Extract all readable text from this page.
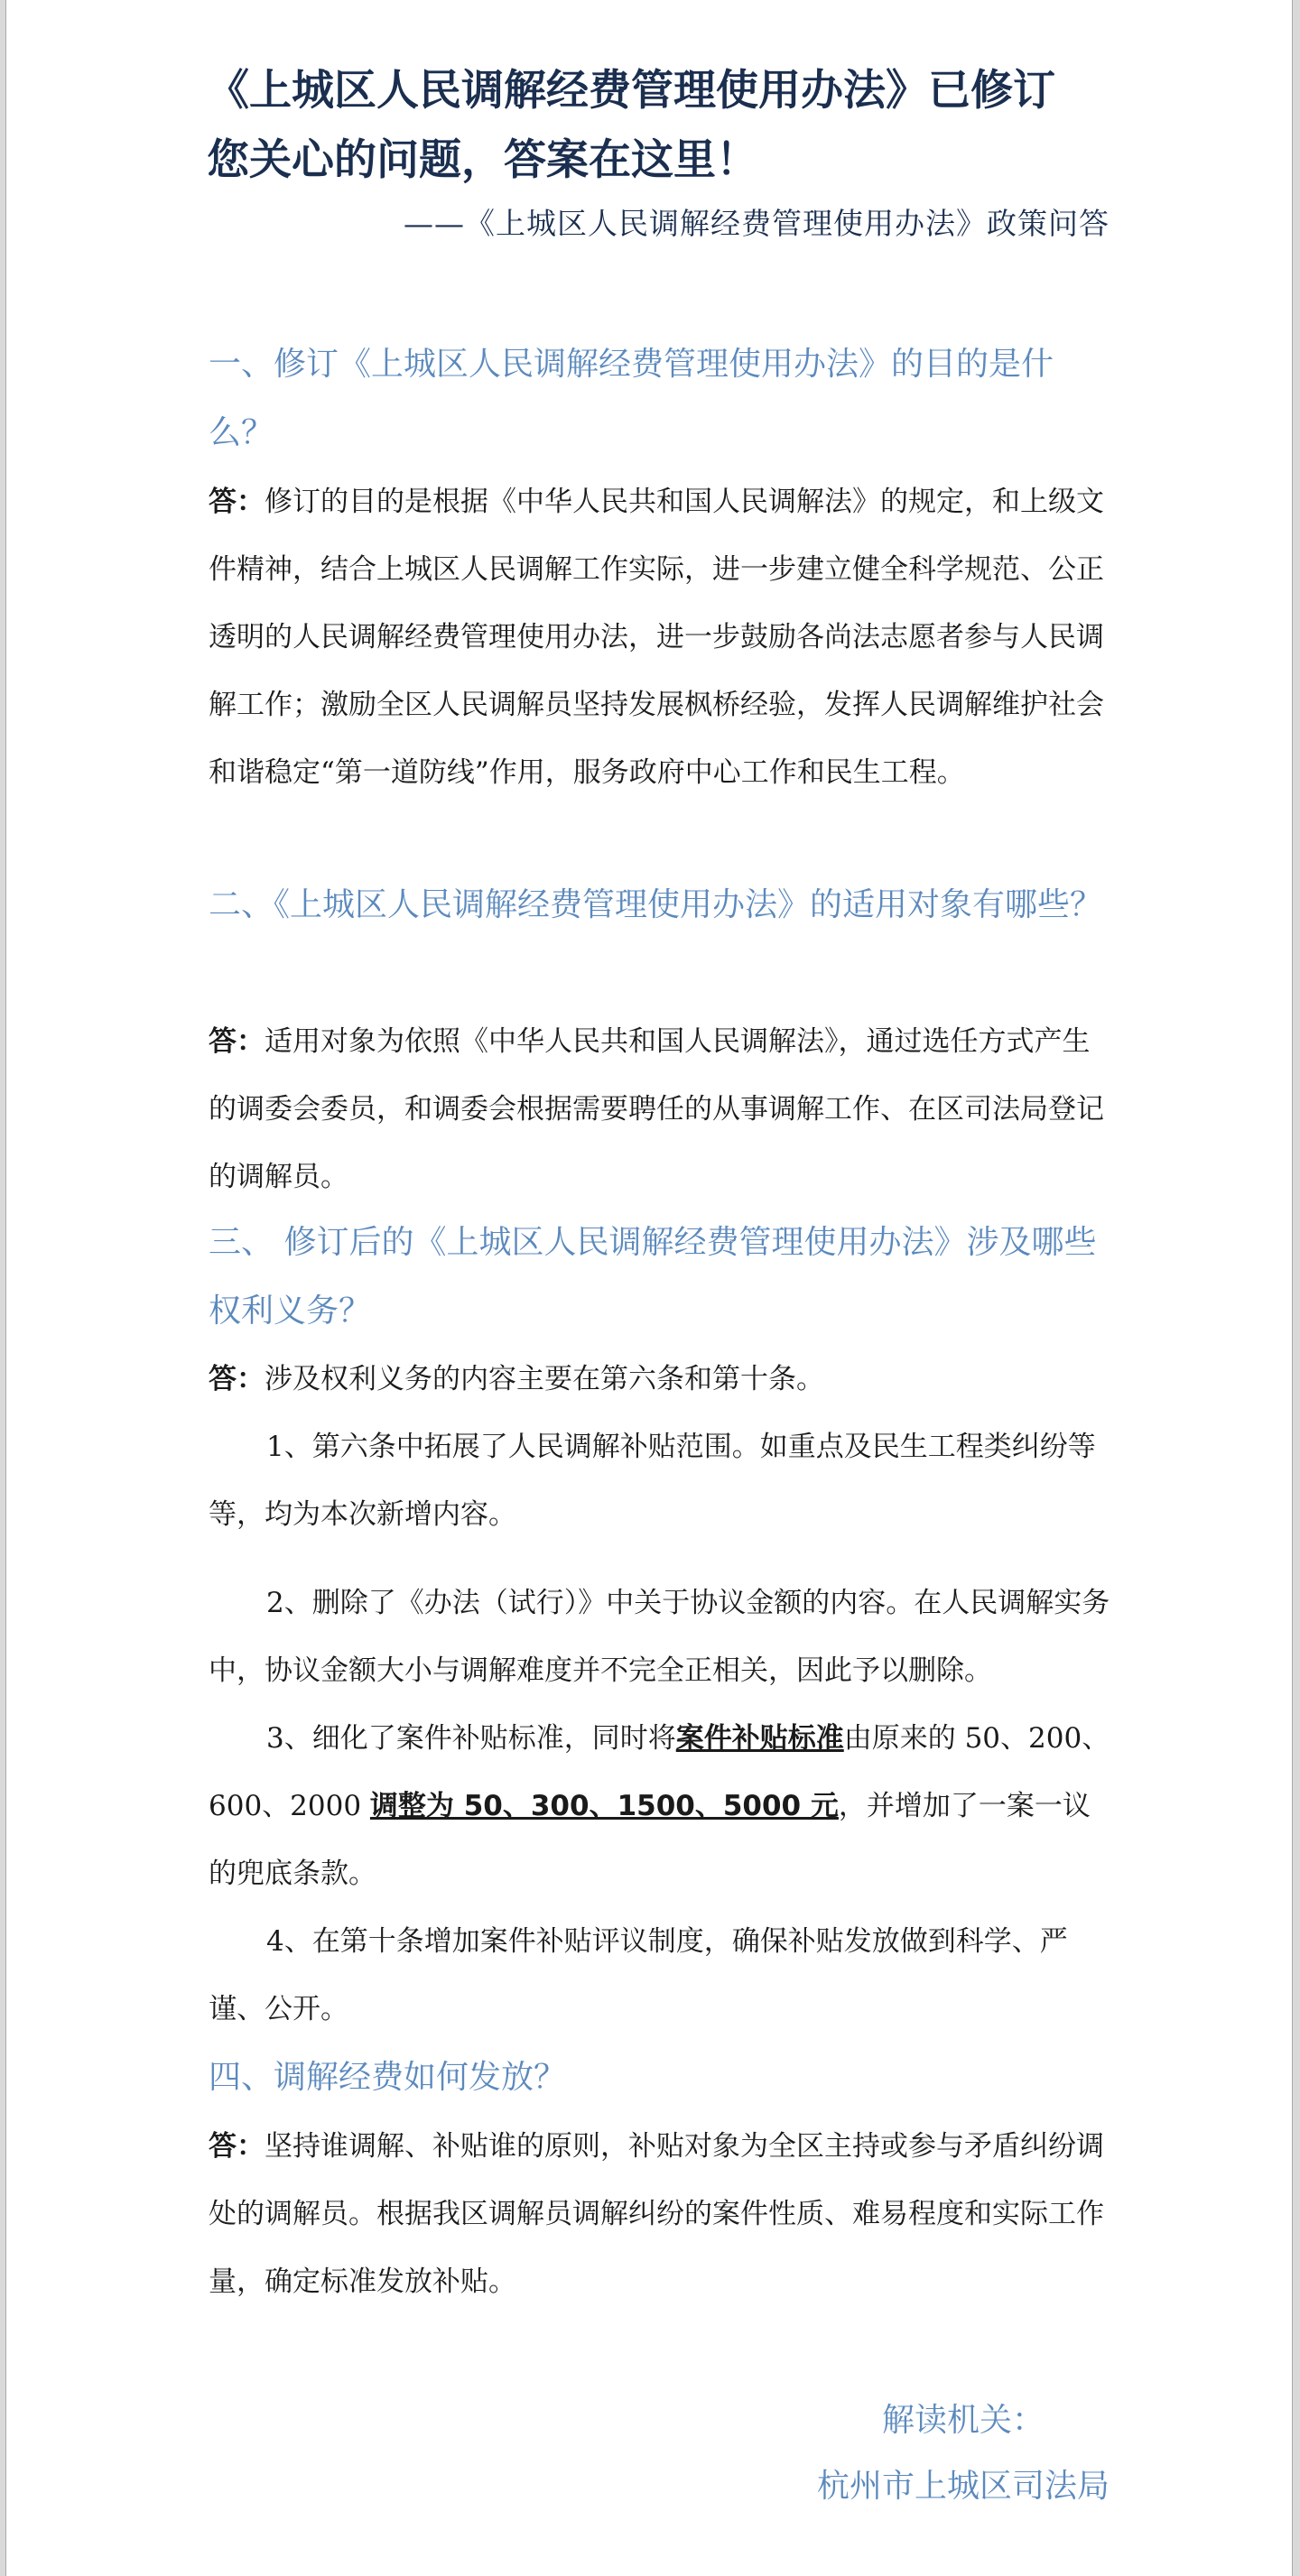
《上城区人民调解经费管理使用办法》已修订
您关心的问题，答案在这里！
——《上城区人民调解经费管理使用办法》政策问答

一、修订《上城区人民调解经费管理使用办法》的目的是什么？

答：修订的目的是根据《中华人民共和国人民调解法》的规定，和上级文件精神，结合上城区人民调解工作实际，进一步建立健全科学规范、公正透明的人民调解经费管理使用办法，进一步鼓励各尚法志愿者参与人民调解工作；激励全区人民调解员坚持发展枫桥经验，发挥人民调解维护社会和谐稳定“第一道防线”作用，服务政府中心工作和民生工程。

二、《上城区人民调解经费管理使用办法》的适用对象有哪些？

答：适用对象为依照《中华人民共和国人民调解法》，通过选任方式产生的调委会委员，和调委会根据需要聘任的从事调解工作、在区司法局登记的调解员。

三、 修订后的《上城区人民调解经费管理使用办法》涉及哪些权利义务？

答：涉及权利义务的内容主要在第六条和第十条。

1、第六条中拓展了人民调解补贴范围。如重点及民生工程类纠纷等等，均为本次新增内容。

2、删除了《办法（试行）》中关于协议金额的内容。在人民调解实务中，协议金额大小与调解难度并不完全正相关，因此予以删除。

3、细化了案件补贴标准，同时将案件补贴标准由原来的 50、200、600、2000 调整为 50、300、1500、5000 元，并增加了一案一议的兜底条款。

4、在第十条增加案件补贴评议制度，确保补贴发放做到科学、严谨、公开。

四、调解经费如何发放？

答：坚持谁调解、补贴谁的原则，补贴对象为全区主持或参与矛盾纠纷调处的调解员。根据我区调解员调解纠纷的案件性质、难易程度和实际工作量，确定标准发放补贴。

解读机关：
杭州市上城区司法局
